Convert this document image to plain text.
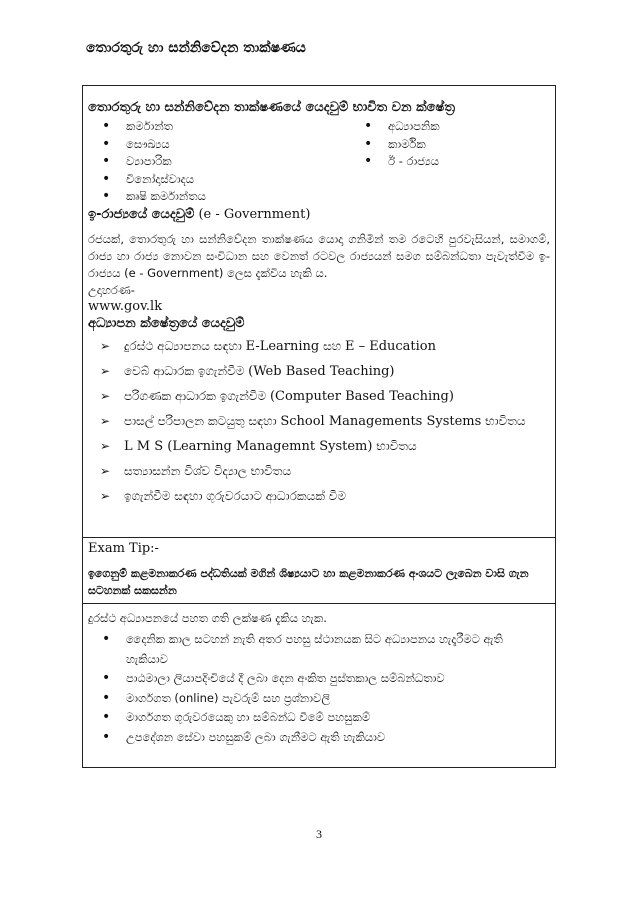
තොරතුරු හා සන්නිවේදන තාක්ෂණය
තොරතුරු හා සන්නිවේදන තාක්ෂණයේ යෙදවුම් භාවිත වන ක්ෂේත්‍ර
• කර්මාන්ත
• සෞඛ්‍යය
• ව්‍යාපාරික
• විනෝදාස්වාදය
• කෘෂි කර්මාන්තය
• අධ්‍යාපනික
• කාර්මික
• ඊ - රාජ්‍යය
ඉ-රාජ්‍යයේ යෙදවුම් (e - Government)
රජයක්, තොරතුරු හා සන්නිවේදන තාක්ෂණය යොදා ගනිමින් තම රටෙහි පුරවැසියන්, සමාගම්, රාජ්‍ය හා රාජ්‍ය නොවන සංවිධාන සහ වෙනත් රටවල රාජ්‍යයන් සමග සම්බන්ධතා පැවැත්වීම ඉ-රාජ්‍යය (e - Government) ලෙස දැක්විය හැකි ය.
උදාහරණ-
www.gov.lk
අධ්‍යාපන ක්ෂේත්‍රයේ යෙදවුම්
➢ දුරස්ථ අධ්‍යාපනය සඳහා E-Learning සහ E – Education
➢ වෙබ් ආධාරක ඉගැන්වීම (Web Based Teaching)
➢ පරිගණක ආධාරක ඉගැන්වීම (Computer Based Teaching)
➢ පාසල් පරිපාලන කටයුතු සඳහා School Managements Systems භාවිතය
➢ L M S (Learning Managemnt System) භාවිතය
➢ සත්‍යාසන්න විශ්ව විද්‍යාල භාවිතය
➢ ඉගැන්වීම සඳහා ගුරුවරයාට ආධාරකයක් වීම
Exam Tip:-
ඉගෙනුම් කළමනාකරණ පද්ධතියක් මගින් ශිෂ්‍යයාට හා කළමනාකරණ අංශයට ලැබෙන වාසි ගැන සටහනක් සකසන්න
දුරස්ථ අධ්‍යාපනයේ පහත ගති ලක්ෂණ දැකිය හැක.
• දෛනික කාල සටහන් නැති අතර පහසු ස්ථානයක සිට අධ්‍යාපනය හැදෑරීමට ඇති හැකියාව
• පාඨමාලා ලියාපදිංචියේ දී ලබා දෙන අංකිත පුස්තකාල සම්බන්ධතාව
• මාර්ගගත (online) පැවරුම් සහ ප්‍රශ්නාවලි
• මාර්ගගත ගුරුවරයෙකු හා සම්බන්ධ වීමේ පහසුකම්
• උපදේශන සේවා පහසුකම් ලබා ගැනීමට ඇති හැකියාව
3
